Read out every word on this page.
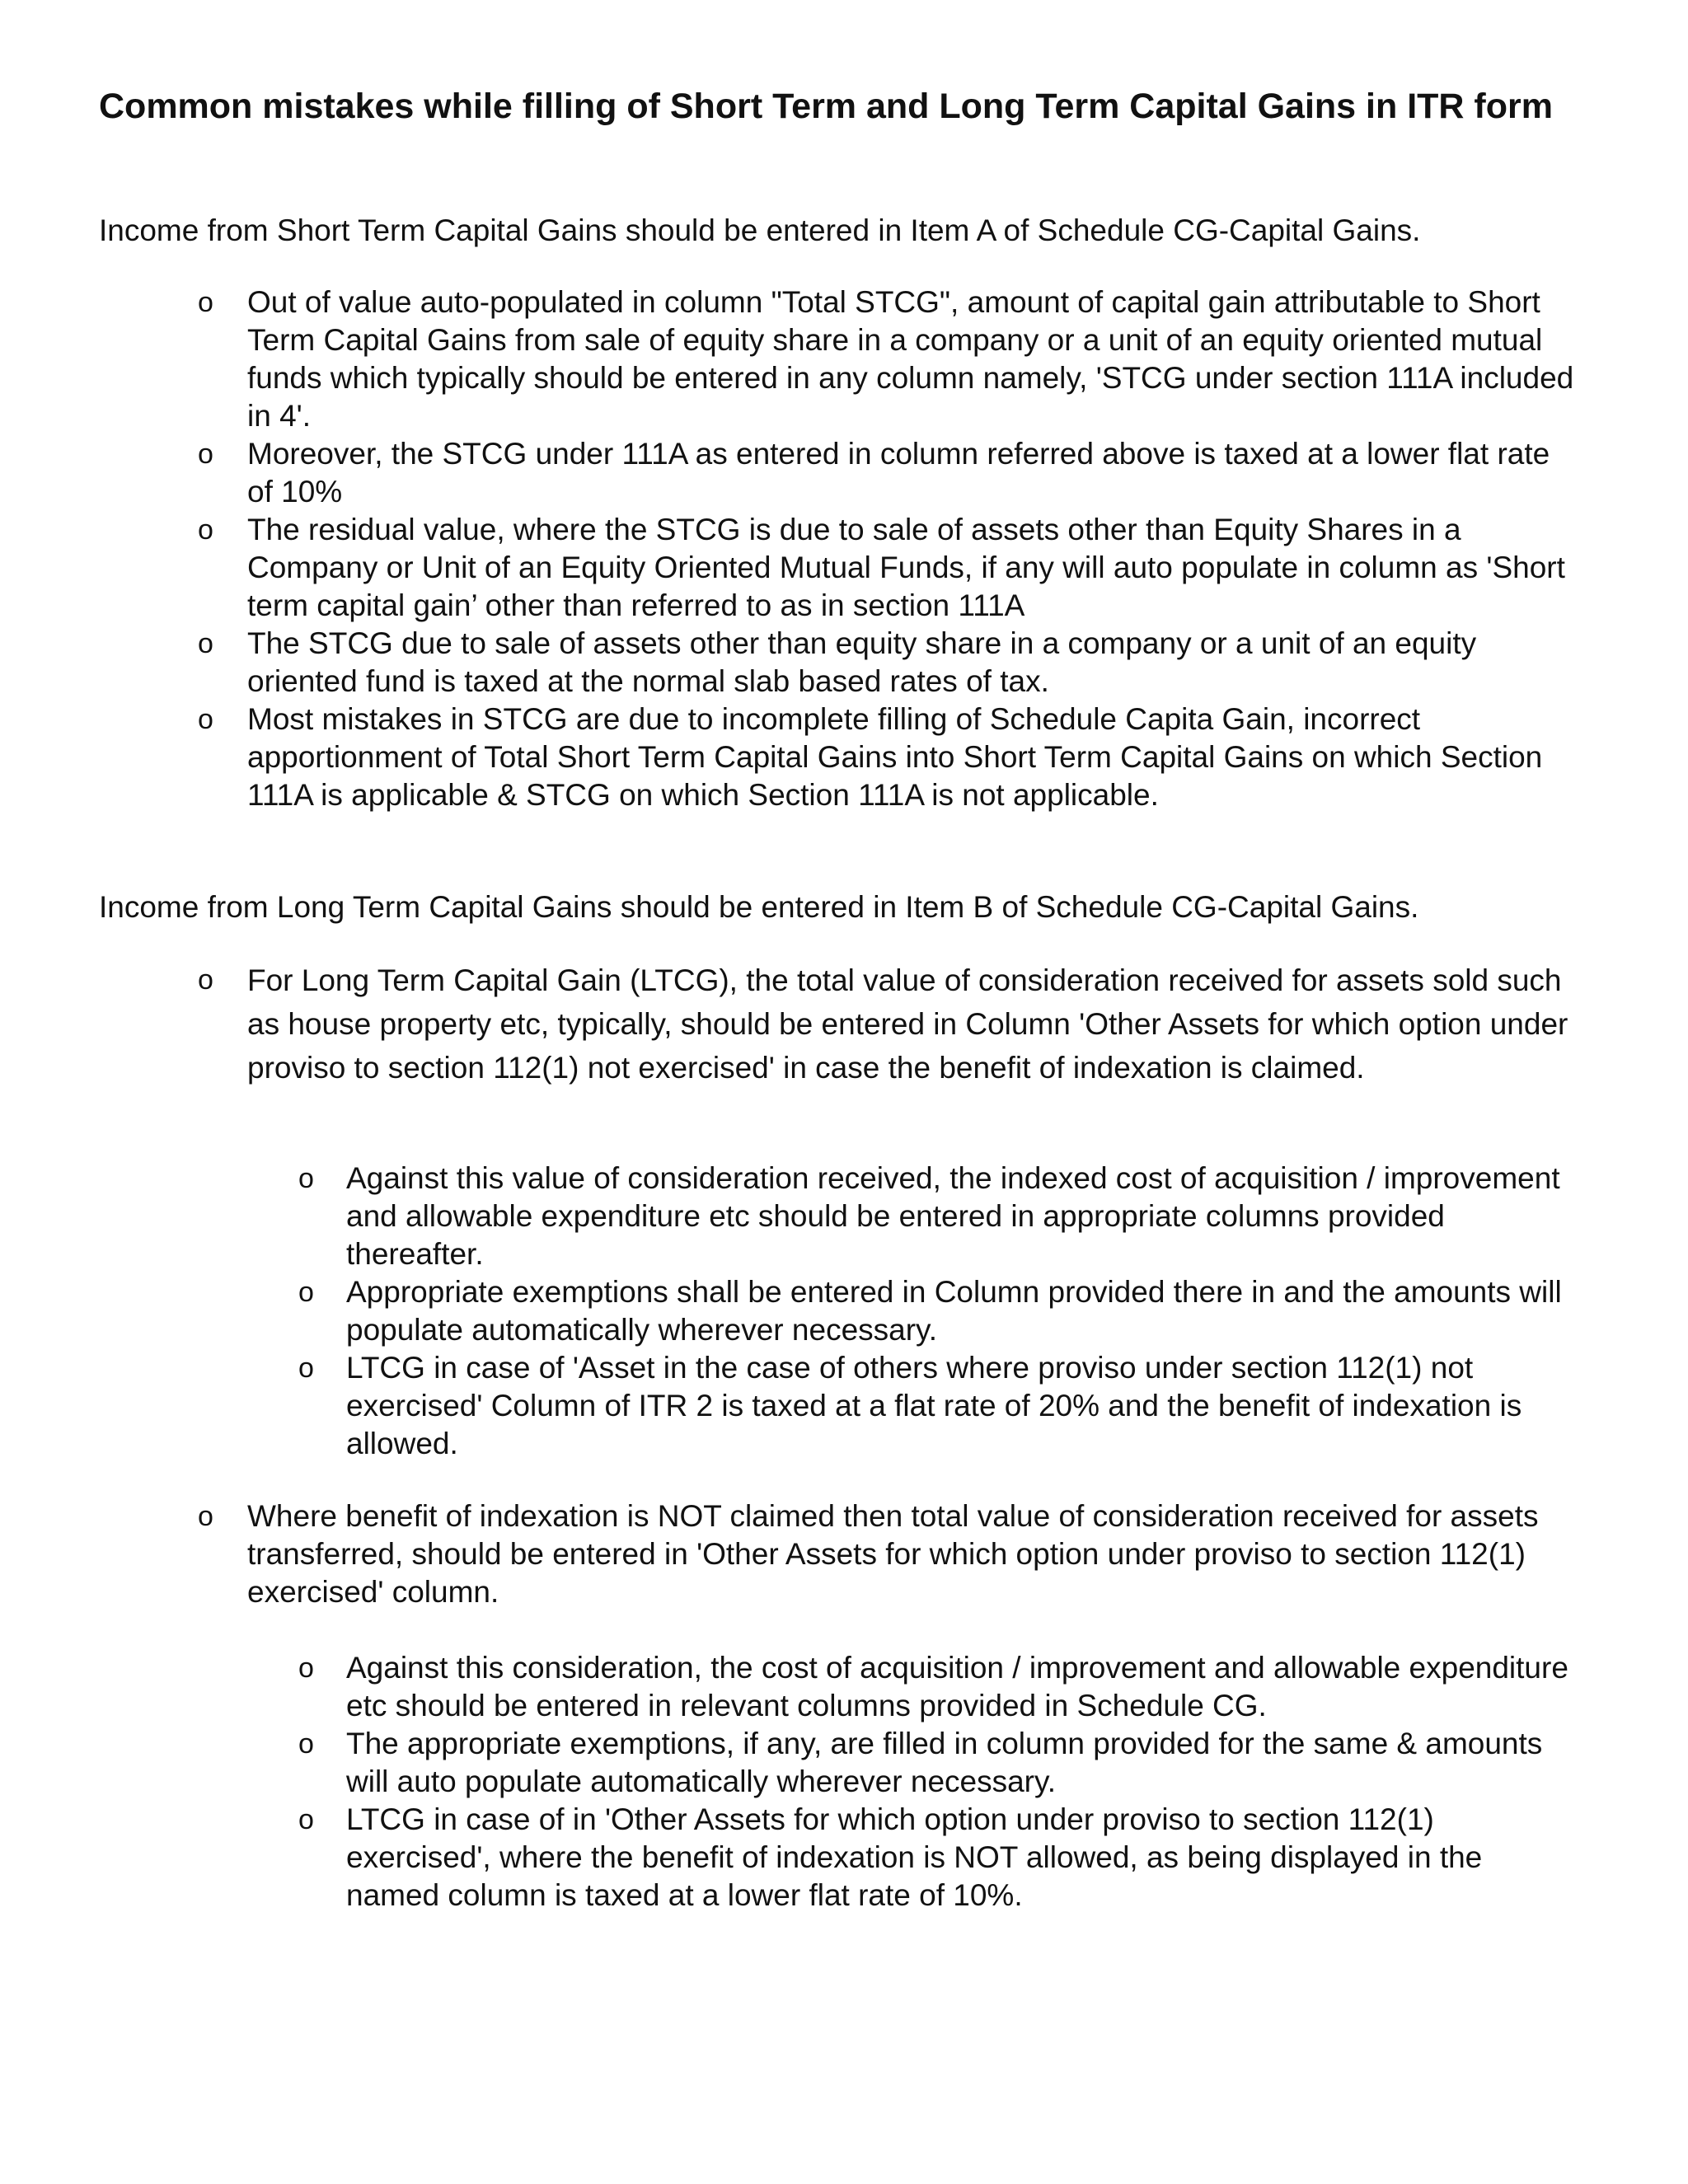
Common mistakes while filling of Short Term and Long Term Capital Gains in ITR form

Income from Short Term Capital Gains should be entered in Item A of Schedule CG-Capital Gains.

o Out of value auto-populated in column "Total STCG", amount of capital gain attributable to Short Term Capital Gains from sale of equity share in a company or a unit of an equity oriented mutual funds which typically should be entered in any column namely, 'STCG under section 111A included in 4'.
o Moreover, the STCG under 111A as entered in column referred above is taxed at a lower flat rate of 10%
o The residual value, where the STCG is due to sale of assets other than Equity Shares in a Company or Unit of an Equity Oriented Mutual Funds, if any will auto populate in column as 'Short term capital gain’ other than referred to as in section 111A
o The STCG due to sale of assets other than equity share in a company or a unit of an equity oriented fund is taxed at the normal slab based rates of tax.
o Most mistakes in STCG are due to incomplete filling of Schedule Capita Gain, incorrect apportionment of Total Short Term Capital Gains into Short Term Capital Gains on which Section 111A is applicable & STCG on which Section 111A is not applicable.

Income from Long Term Capital Gains should be entered in Item B of Schedule CG-Capital Gains.

o For Long Term Capital Gain (LTCG), the total value of consideration received for assets sold such as house property etc, typically, should be entered in Column 'Other Assets for which option under proviso to section 112(1) not exercised' in case the benefit of indexation is claimed.
o Against this value of consideration received, the indexed cost of acquisition / improvement and allowable expenditure etc should be entered in appropriate columns provided thereafter.
o Appropriate exemptions shall be entered in Column provided there in and the amounts will populate automatically wherever necessary.
o LTCG in case of 'Asset in the case of others where proviso under section 112(1) not exercised' Column of ITR 2 is taxed at a flat rate of 20% and the benefit of indexation is allowed.
o Where benefit of indexation is NOT claimed then total value of consideration received for assets transferred, should be entered in 'Other Assets for which option under proviso to section 112(1) exercised' column.
o Against this consideration, the cost of acquisition / improvement and allowable expenditure etc should be entered in relevant columns provided in Schedule CG.
o The appropriate exemptions, if any, are filled in column provided for the same & amounts will auto populate automatically wherever necessary.
o LTCG in case of in 'Other Assets for which option under proviso to section 112(1) exercised', where the benefit of indexation is NOT allowed, as being displayed in the named column is taxed at a lower flat rate of 10%.
